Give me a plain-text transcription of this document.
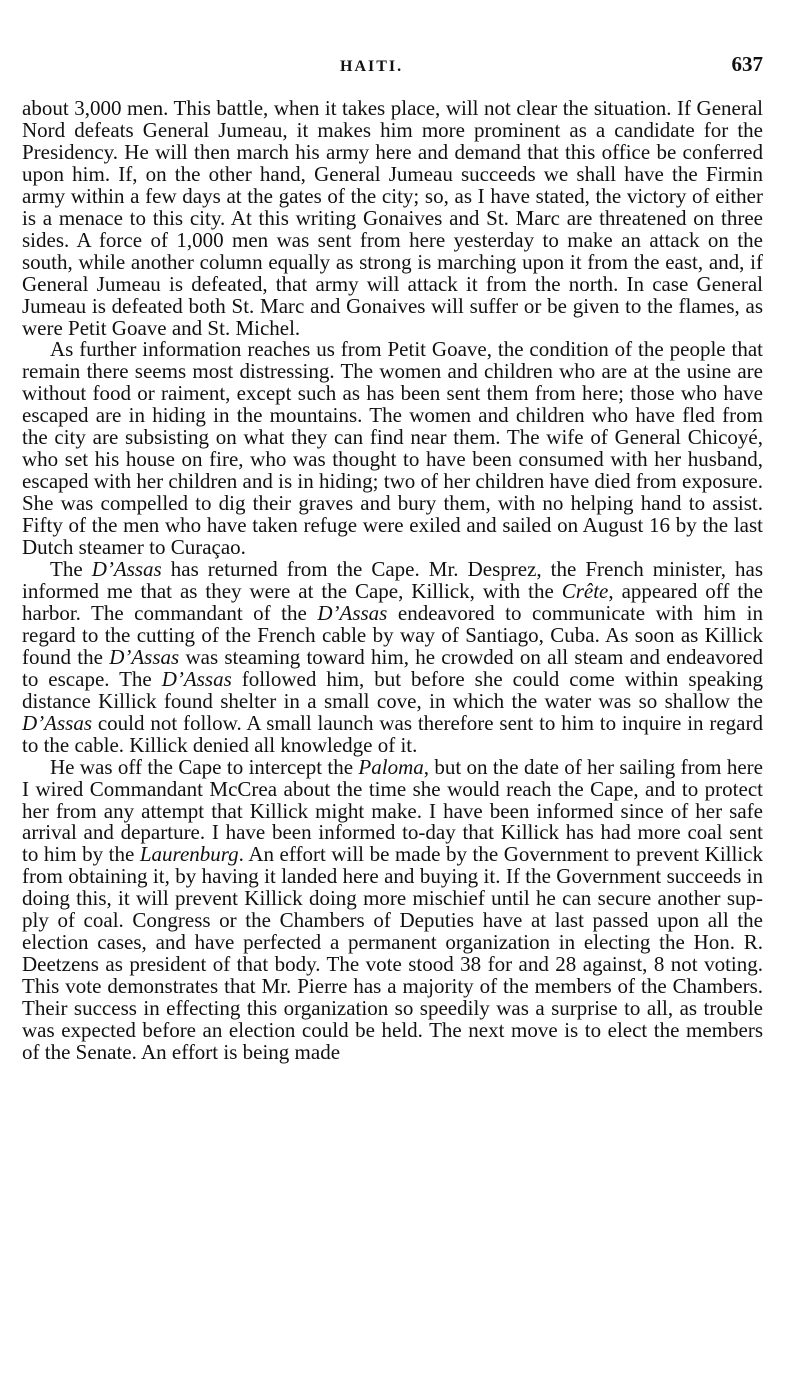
HAITI.	637

about 3,000 men. This battle, when it takes place, will not clear the situation. If General Nord defeats General Jumeau, it makes him more prominent as a candidate for the Presidency. He will then march his army here and demand that this office be conferred upon him. If, on the other hand, General Jumeau succeeds we shall have the Firmin army within a few days at the gates of the city; so, as I have stated, the victory of either is a menace to this city. At this writing Gonaives and St. Marc are threatened on three sides. A force of 1,000 men was sent from here yesterday to make an attack on the south, while another column equally as strong is marching upon it from the east, and, if General Jumeau is defeated, that army will attack it from the north. In case General Jumeau is defeated both St. Marc and Gonaives will suffer or be given to the flames, as were Petit Goave and St. Michel.

As further information reaches us from Petit Goave, the condition of the people that remain there seems most distressing. The women and children who are at the usine are without food or raiment, except such as has been sent them from here; those who have escaped are in hiding in the mountains. The women and children who have fled from the city are subsisting on what they can find near them. The wife of General Chicoyé, who set his house on fire, who was thought to have been consumed with her husband, escaped with her children and is in hiding; two of her children have died from exposure. She was compelled to dig their graves and bury them, with no helping hand to assist. Fifty of the men who have taken refuge were exiled and sailed on August 16 by the last Dutch steamer to Curaçao.

The D’Assas has returned from the Cape. Mr. Desprez, the French minister, has informed me that as they were at the Cape, Killick, with the Crête, appeared off the harbor. The commandant of the D’Assas endeavored to communicate with him in regard to the cutting of the French cable by way of Santiago, Cuba. As soon as Killick found the D’Assas was steaming toward him, he crowded on all steam and endeavored to escape. The D’Assas followed him, but before she could come within speaking distance Killick found shelter in a small cove, in which the water was so shallow the D’Assas could not follow. A small launch was therefore sent to him to inquire in regard to the cable. Killick denied all knowledge of it.

He was off the Cape to intercept the Paloma, but on the date of her sailing from here I wired Commandant McCrea about the time she would reach the Cape, and to protect her from any attempt that Killick might make. I have been informed since of her safe arrival and departure. I have been informed to-day that Killick has had more coal sent to him by the Laurenburg. An effort will be made by the Government to prevent Killick from obtaining it, by having it landed here and buying it. If the Government succeeds in doing this, it will prevent Killick doing more mischief until he can secure another supply of coal. Congress or the Chambers of Deputies have at last passed upon all the election cases, and have perfected a permanent organization in electing the Hon. R. Deetzens as president of that body. The vote stood 38 for and 28 against, 8 not voting. This vote demonstrates that Mr. Pierre has a majority of the members of the Chambers. Their success in effecting this organization so speedily was a surprise to all, as trouble was expected before an election could be held. The next move is to elect the members of the Senate. An effort is being made
